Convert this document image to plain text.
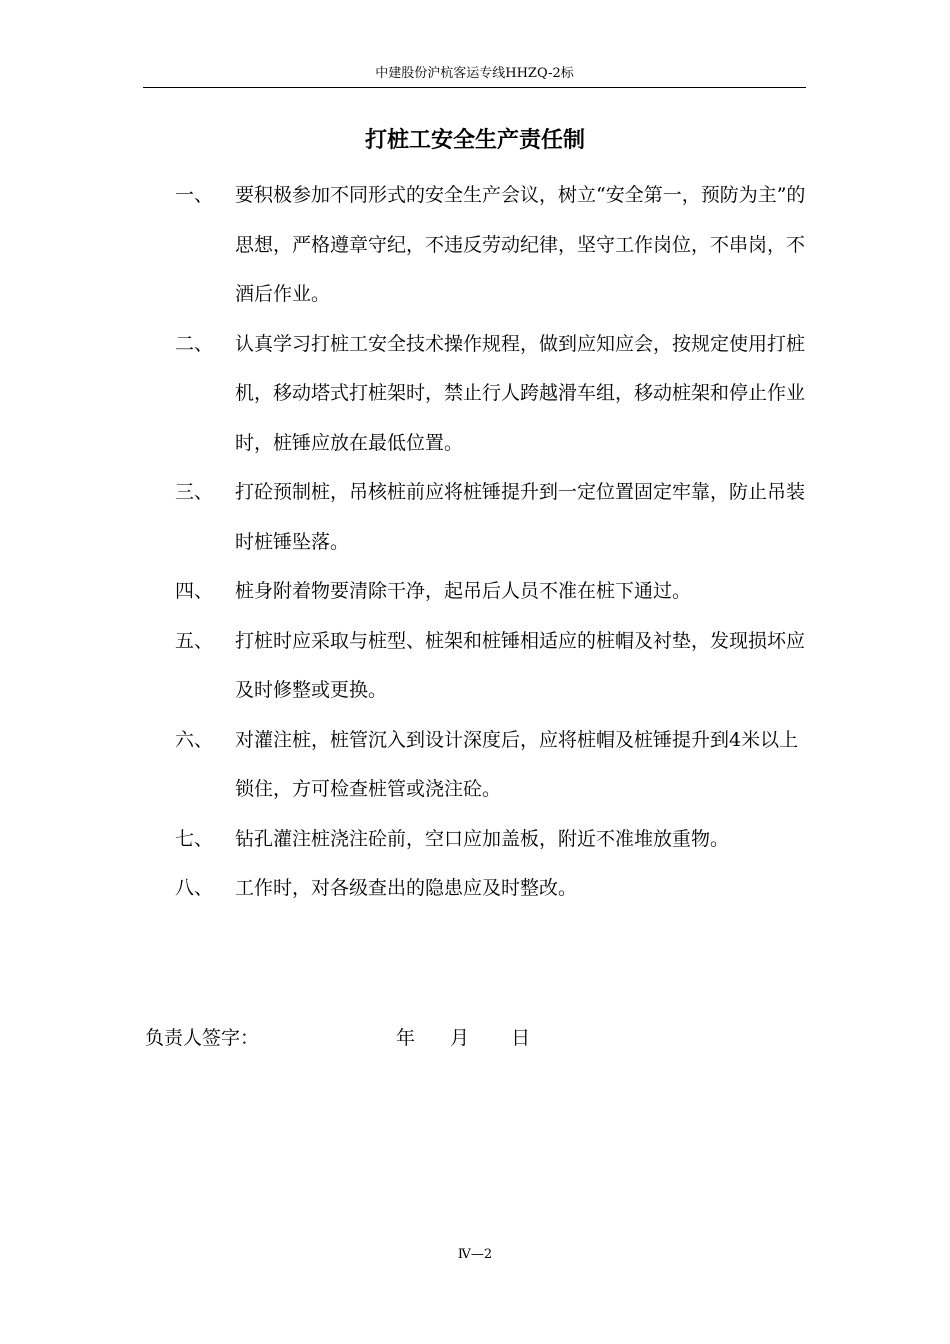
中建股份沪杭客运专线HHZQ-2标
打桩工安全生产责任制
一、	要积极参加不同形式的安全生产会议，树立“安全第一，预防为主”的思想，严格遵章守纪，不违反劳动纪律，坚守工作岗位，不串岗，不酒后作业。
二、	认真学习打桩工安全技术操作规程，做到应知应会，按规定使用打桩机，移动塔式打桩架时，禁止行人跨越滑车组，移动桩架和停止作业时，桩锤应放在最低位置。
三、	打砼预制桩，吊核桩前应将桩锤提升到一定位置固定牢靠，防止吊装时桩锤坠落。
四、	桩身附着物要清除干净，起吊后人员不准在桩下通过。
五、	打桩时应采取与桩型、桩架和桩锤相适应的桩帽及衬垫，发现损坏应及时修整或更换。
六、	对灌注桩，桩管沉入到设计深度后，应将桩帽及桩锤提升到4米以上锁住，方可检查桩管或浇注砼。
七、	钻孔灌注桩浇注砼前，空口应加盖板，附近不准堆放重物。
八、	工作时，对各级查出的隐患应及时整改。
负责人签字：	年 月 日
Ⅳ—2
